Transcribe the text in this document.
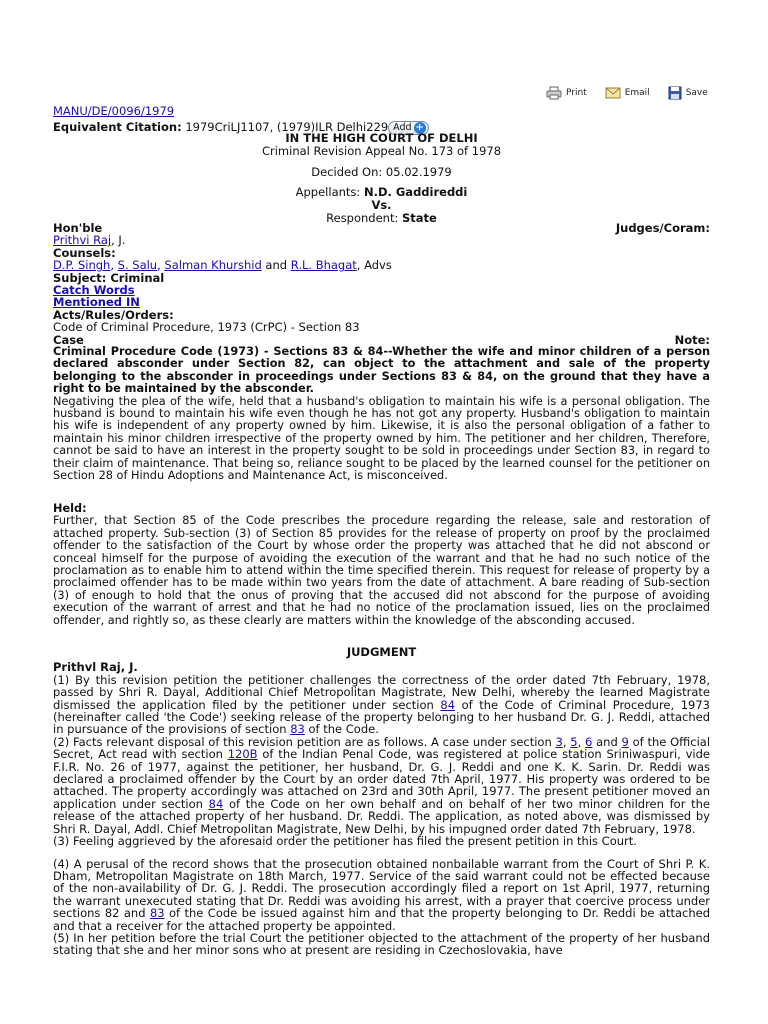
Print	Email	Save
MANU/DE/0096/1979
Equivalent Citation: 1979CriLJ1107, (1979)ILR Delhi229 Add +
IN THE HIGH COURT OF DELHI
Criminal Revision Appeal No. 173 of 1978
Decided On: 05.02.1979
Appellants: N.D. Gaddireddi
Vs.
Respondent: State
Hon'ble	Judges/Coram:
Prithvi Raj, J.
Counsels:
D.P. Singh, S. Salu, Salman Khurshid and R.L. Bhagat, Advs
Subject: Criminal
Catch Words
Mentioned IN
Acts/Rules/Orders:
Code of Criminal Procedure, 1973 (CrPC) - Section 83
Case	Note:

Criminal Procedure Code (1973) - Sections 83 & 84--Whether the wife and minor children of a person declared absconder under Section 82, can object to the attachment and sale of the property belonging to the absconder in proceedings under Sections 83 & 84, on the ground that they have a right to be maintained by the absconder.

Negativing the plea of the wife, held that a husband's obligation to maintain his wife is a personal obligation. The husband is bound to maintain his wife even though he has not got any property. Husband's obligation to maintain his wife is independent of any property owned by him. Likewise, it is also the personal obligation of a father to maintain his minor children irrespective of the property owned by him. The petitioner and her children, Therefore, cannot be said to have an interest in the property sought to be sold in proceedings under Section 83, in regard to their claim of maintenance. That being so, reliance sought to be placed by the learned counsel for the petitioner on Section 28 of Hindu Adoptions and Maintenance Act, is misconceived.

Held:

Further, that Section 85 of the Code prescribes the procedure regarding the release, sale and restoration of attached property. Sub-section (3) of Section 85 provides for the release of property on proof by the proclaimed offender to the satisfaction of the Court by whose order the property was attached that he did not abscond or conceal himself for the purpose of avoiding the execution of the warrant and that he had no such notice of the proclamation as to enable him to attend within the time specified therein. This request for release of property by a proclaimed offender has to be made within two years from the date of attachment. A bare reading of Sub-section (3) of enough to hold that the onus of proving that the accused did not abscond for the purpose of avoiding execution of the warrant of arrest and that he had no notice of the proclamation issued, lies on the proclaimed offender, and rightly so, as these clearly are matters within the knowledge of the absconding accused.

JUDGMENT
Prithvl Raj, J.

(1) By this revision petition the petitioner challenges the correctness of the order dated 7th February, 1978, passed by Shri R. Dayal, Additional Chief Metropolitan Magistrate, New Delhi, whereby the learned Magistrate dismissed the application filed by the petitioner under section 84 of the Code of Criminal Procedure, 1973 (hereinafter called 'the Code') seeking release of the property belonging to her husband Dr. G. J. Reddi, attached in pursuance of the provisions of section 83 of the Code.

(2) Facts relevant disposal of this revision petition are as follows. A case under section 3, 5, 6 and 9 of the Official Secret, Act read with section 120B of the Indian Penal Code, was registered at police station Sriniwaspuri, vide F.I.R. No. 26 of 1977, against the petitioner, her husband, Dr. G. J. Reddi and one K. K. Sarin. Dr. Reddi was declared a proclaimed offender by the Court by an order dated 7th April, 1977. His property was ordered to be attached. The property accordingly was attached on 23rd and 30th April, 1977. The present petitioner moved an application under section 84 of the Code on her own behalf and on behalf of her two minor children for the release of the attached property of her husband. Dr. Reddi. The application, as noted above, was dismissed by Shri R. Dayal, Addl. Chief Metropolitan Magistrate, New Delhi, by his impugned order dated 7th February, 1978.

(3) Feeling aggrieved by the aforesaid order the petitioner has filed the present petition in this Court.

(4) A perusal of the record shows that the prosecution obtained nonbailable warrant from the Court of Shri P. K. Dham, Metropolitan Magistrate on 18th March, 1977. Service of the said warrant could not be effected because of the non-availability of Dr. G. J. Reddi. The prosecution accordingly filed a report on 1st April, 1977, returning the warrant unexecuted stating that Dr. Reddi was avoiding his arrest, with a prayer that coercive process under sections 82 and 83 of the Code be issued against him and that the property belonging to Dr. Reddi be attached and that a receiver for the attached property be appointed.

(5) In her petition before the trial Court the petitioner objected to the attachment of the property of her husband stating that she and her minor sons who at present are residing in Czechoslovakia, have
